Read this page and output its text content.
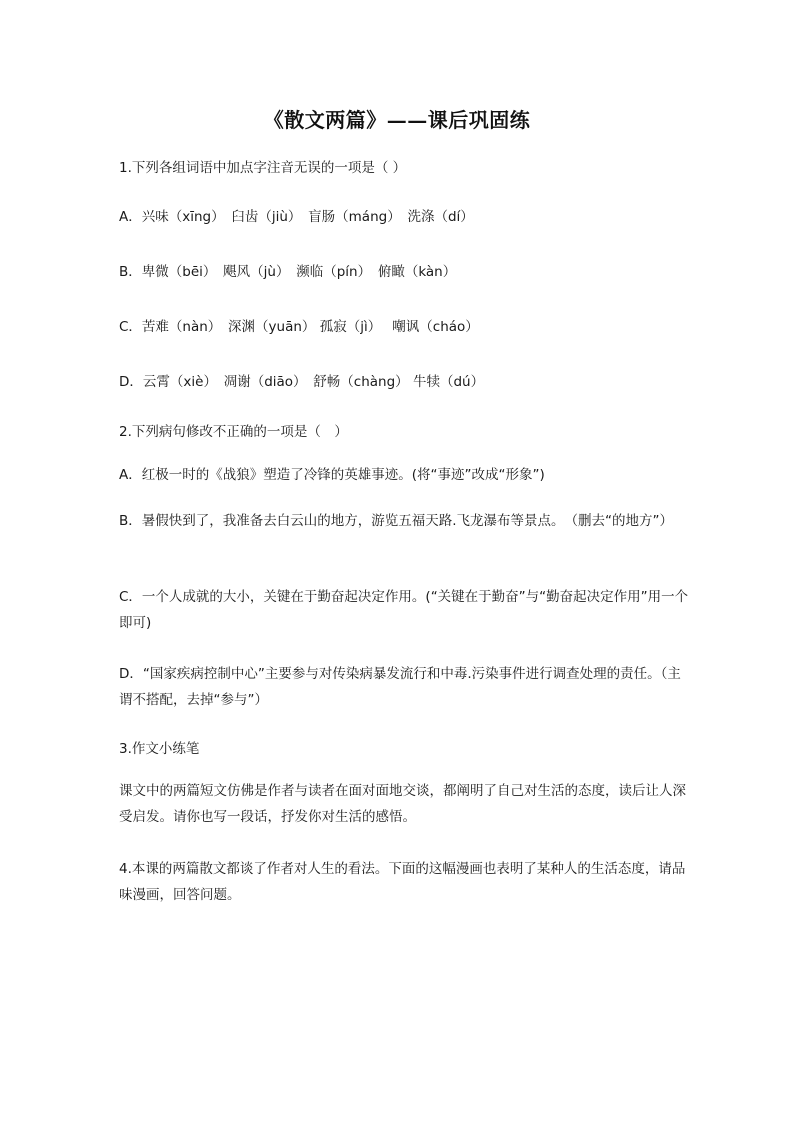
《散文两篇》——课后巩固练
1.下列各组词语中加点字注音无误的一项是（ ）
A．兴味（xīng）　臼齿（jiù）　盲肠（máng）　洗涤（dí）
B．卑微（bēi）　飓风（jù）　濒临（pín）　俯瞰（kàn）
C．苦难（nàn）　深渊（yuān） 孤寂（jì）　 嘲讽（cháo）
D．云霄（xiè）　凋谢（diāo）　舒畅（chàng） 牛犊（dú）
2.下列病句修改不正确的一项是（　）
A．红极一时的《战狼》塑造了冷锋的英雄事迹。(将“事迹”改成“形象”)
B．暑假快到了，我准备去白云山的地方，游览五福天路.飞龙瀑布等景点。　（删去“的地方”）
C．一个人成就的大小，关键在于勤奋起决定作用。(“关键在于勤奋”与“勤奋起决定作用”用一个即可)
D．“国家疾病控制中心”主要参与对传染病暴发流行和中毒.污染事件进行调查处理的责任。（主谓不搭配，去掉“参与”）
3.作文小练笔
课文中的两篇短文仿佛是作者与读者在面对面地交谈，都阐明了自己对生活的态度，读后让人深受启发。请你也写一段话，抒发你对生活的感悟。
4.本课的两篇散文都谈了作者对人生的看法。下面的这幅漫画也表明了某种人的生活态度，请品味漫画，回答问题。
